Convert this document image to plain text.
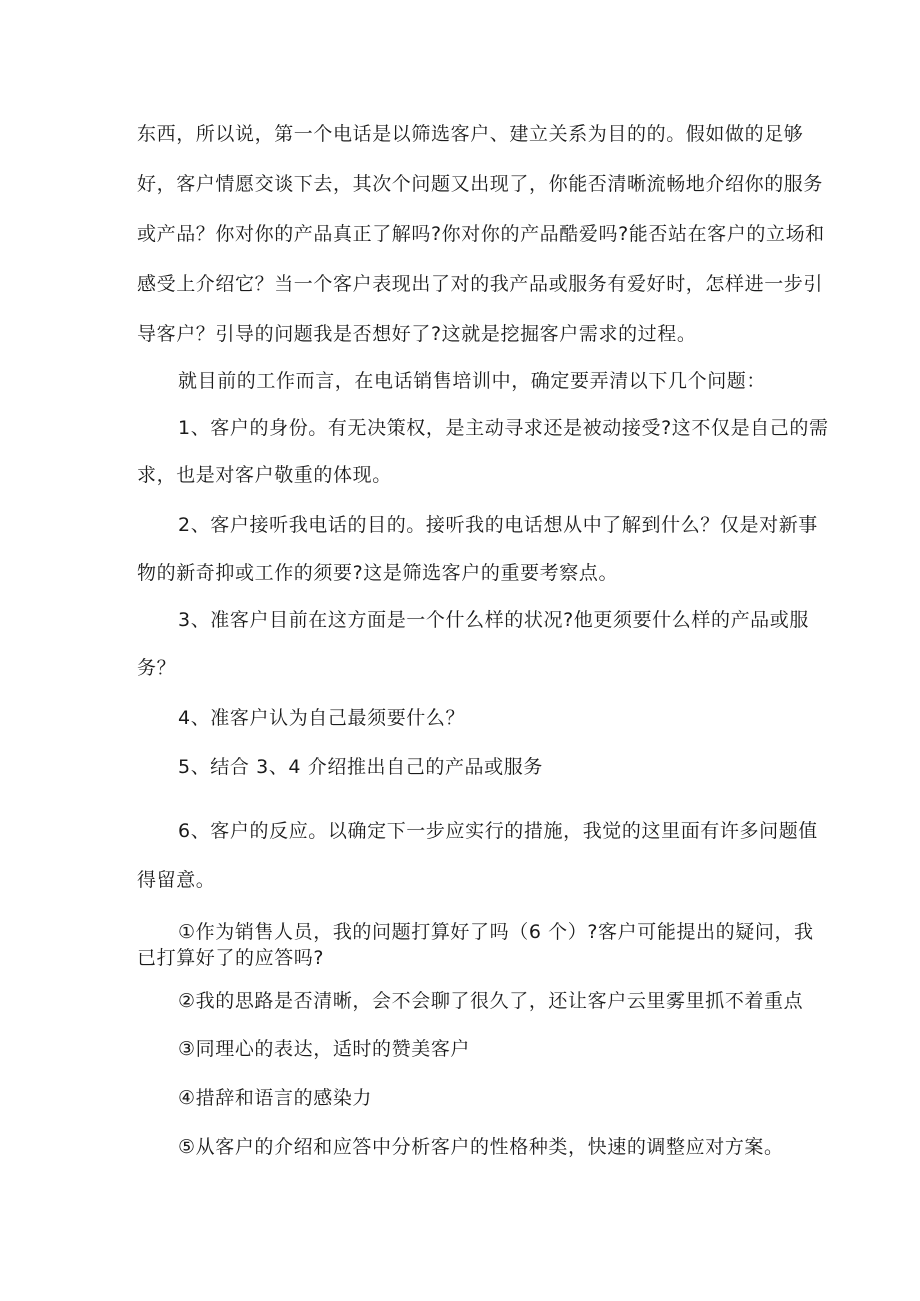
东西，所以说，第一个电话是以筛选客户、建立关系为目的的。假如做的足够
好，客户情愿交谈下去，其次个问题又出现了，你能否清晰流畅地介绍你的服务
或产品？你对你的产品真正了解吗?你对你的产品酷爱吗?能否站在客户的立场和
感受上介绍它？当一个客户表现出了对的我产品或服务有爱好时，怎样进一步引
导客户？引导的问题我是否想好了?这就是挖掘客户需求的过程。
就目前的工作而言，在电话销售培训中，确定要弄清以下几个问题：
1、客户的身份。有无决策权，是主动寻求还是被动接受?这不仅是自己的需
求，也是对客户敬重的体现。
2、客户接听我电话的目的。接听我的电话想从中了解到什么？仅是对新事
物的新奇抑或工作的须要?这是筛选客户的重要考察点。
3、准客户目前在这方面是一个什么样的状况?他更须要什么样的产品或服
务？
4、准客户认为自己最须要什么？
5、结合 3、4 介绍推出自己的产品或服务
6、客户的反应。以确定下一步应实行的措施，我觉的这里面有许多问题值
得留意。
①作为销售人员，我的问题打算好了吗（6 个）?客户可能提出的疑问，我
已打算好了的应答吗?
②我的思路是否清晰，会不会聊了很久了，还让客户云里雾里抓不着重点
③同理心的表达，适时的赞美客户
④措辞和语言的感染力
⑤从客户的介绍和应答中分析客户的性格种类，快速的调整应对方案。
